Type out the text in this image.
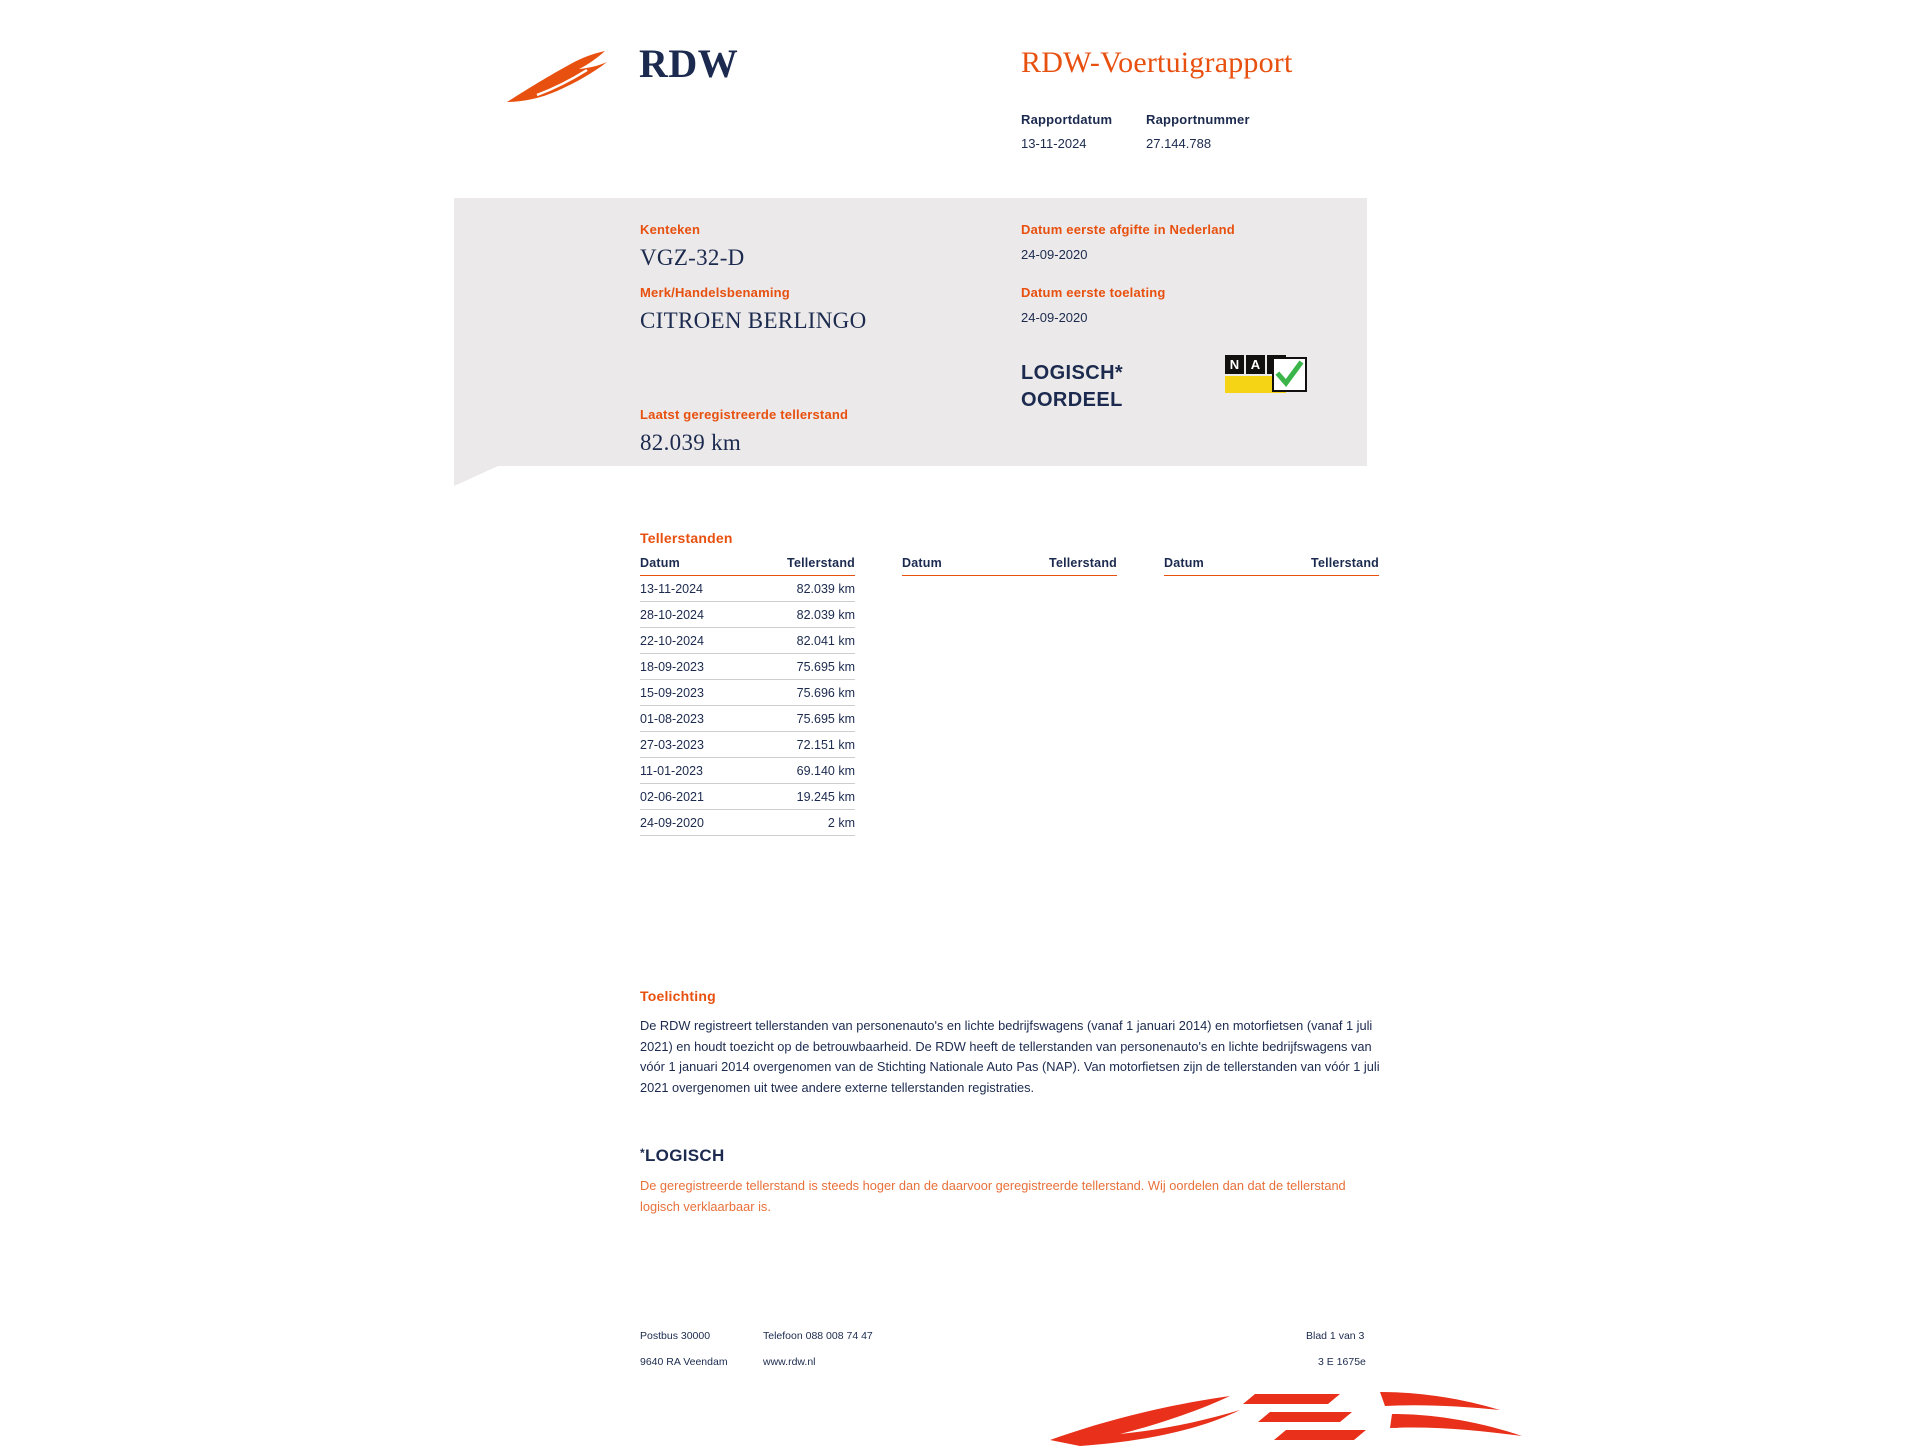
RDW	RDW-Voertuigrapport
Rapportdatum
13-11-2024
Rapportnummer
27.144.788
Kenteken
VGZ-32-D
Merk/Handelsbenaming
CITROEN BERLINGO
Laatst geregistreerde tellerstand
82.039 km
Datum eerste afgifte in Nederland
24-09-2020
Datum eerste toelating
24-09-2020
LOGISCH* OORDEEL
N A
Tellerstanden
Datum	Tellerstand
13-11-2024	82.039 km
28-10-2024	82.039 km
22-10-2024	82.041 km
18-09-2023	75.695 km
15-09-2023	75.696 km
01-08-2023	75.695 km
27-03-2023	72.151 km
11-01-2023	69.140 km
02-06-2021	19.245 km
24-09-2020	2 km
Datum	Tellerstand	Datum	Tellerstand
Toelichting
De RDW registreert tellerstanden van personenauto's en lichte bedrijfswagens (vanaf 1 januari 2014) en motorfietsen (vanaf 1 juli 2021) en houdt toezicht op de betrouwbaarheid. De RDW heeft de tellerstanden van personenauto's en lichte bedrijfswagens van vóór 1 januari 2014 overgenomen van de Stichting Nationale Auto Pas (NAP). Van motorfietsen zijn de tellerstanden van vóór 1 juli 2021 overgenomen uit twee andere externe tellerstanden registraties.
*LOGISCH
De geregistreerde tellerstand is steeds hoger dan de daarvoor geregistreerde tellerstand. Wij oordelen dan dat de tellerstand logisch verklaarbaar is.
Postbus 30000
9640 RA Veendam
Telefoon 088 008 74 47
www.rdw.nl
Blad 1 van 3
3 E 1675e
